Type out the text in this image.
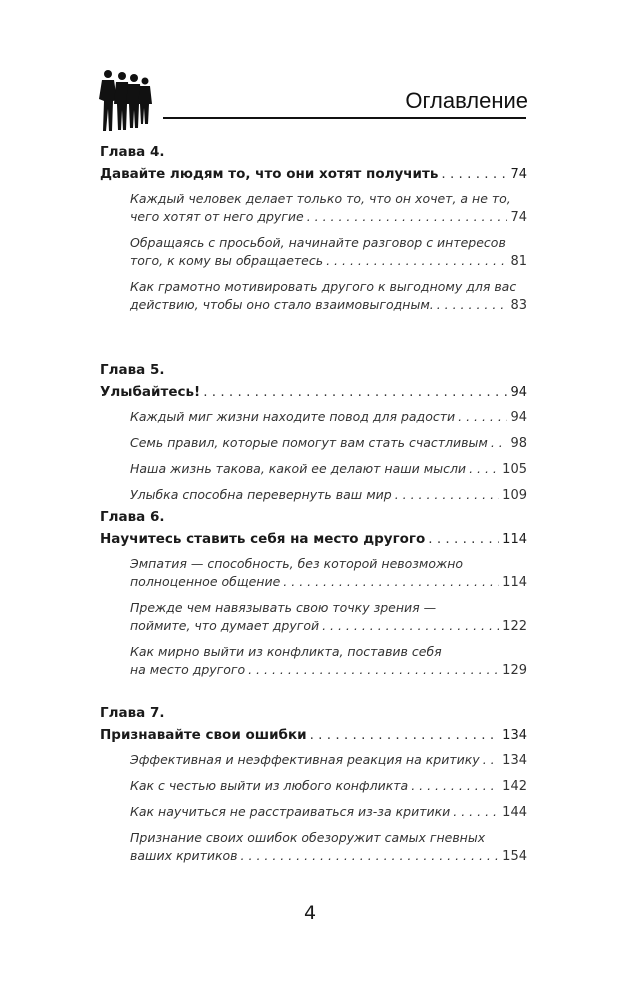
Оглавление
Глава 4.
Давайте людям то, что они хотят получить . . .	74
Каждый человек делает только то, что он хочет, а не то,
чего хотят от него другие . . .	74
Обращаясь с просьбой, начинайте разговор с интересов
того, к кому вы обращаетесь . . .	81
Как грамотно мотивировать другого к выгодному для вас
действию, чтобы оно стало взаимовыгодным. . . .	83
Глава 5.
Улыбайтесь! . . .	94
Каждый миг жизни находите повод для радости . . .	94
Семь правил, которые помогут вам стать счастливым . . . 98
Наша жизнь такова, какой ее делают наши мысли . . .	105
Улыбка способна перевернуть ваш мир . . .	109
Глава 6.
Научитесь ставить себя на место другого . . .	114
Эмпатия — способность, без которой невозможно
полноценное общение . . .	114
Прежде чем навязывать свою точку зрения —
поймите, что думает другой . . .	122
Как мирно выйти из конфликта, поставив себя
на место другого . . .	129
Глава 7.
Признавайте свои ошибки . . .	134
Эффективная и неэффективная реакция на критику . . . 134
Как с честью выйти из любого конфликта . . .	142
Как научиться не расстраиваться из-за критики . . .	144
Признание своих ошибок обезоружит самых гневных
ваших критиков . . .	154
4
